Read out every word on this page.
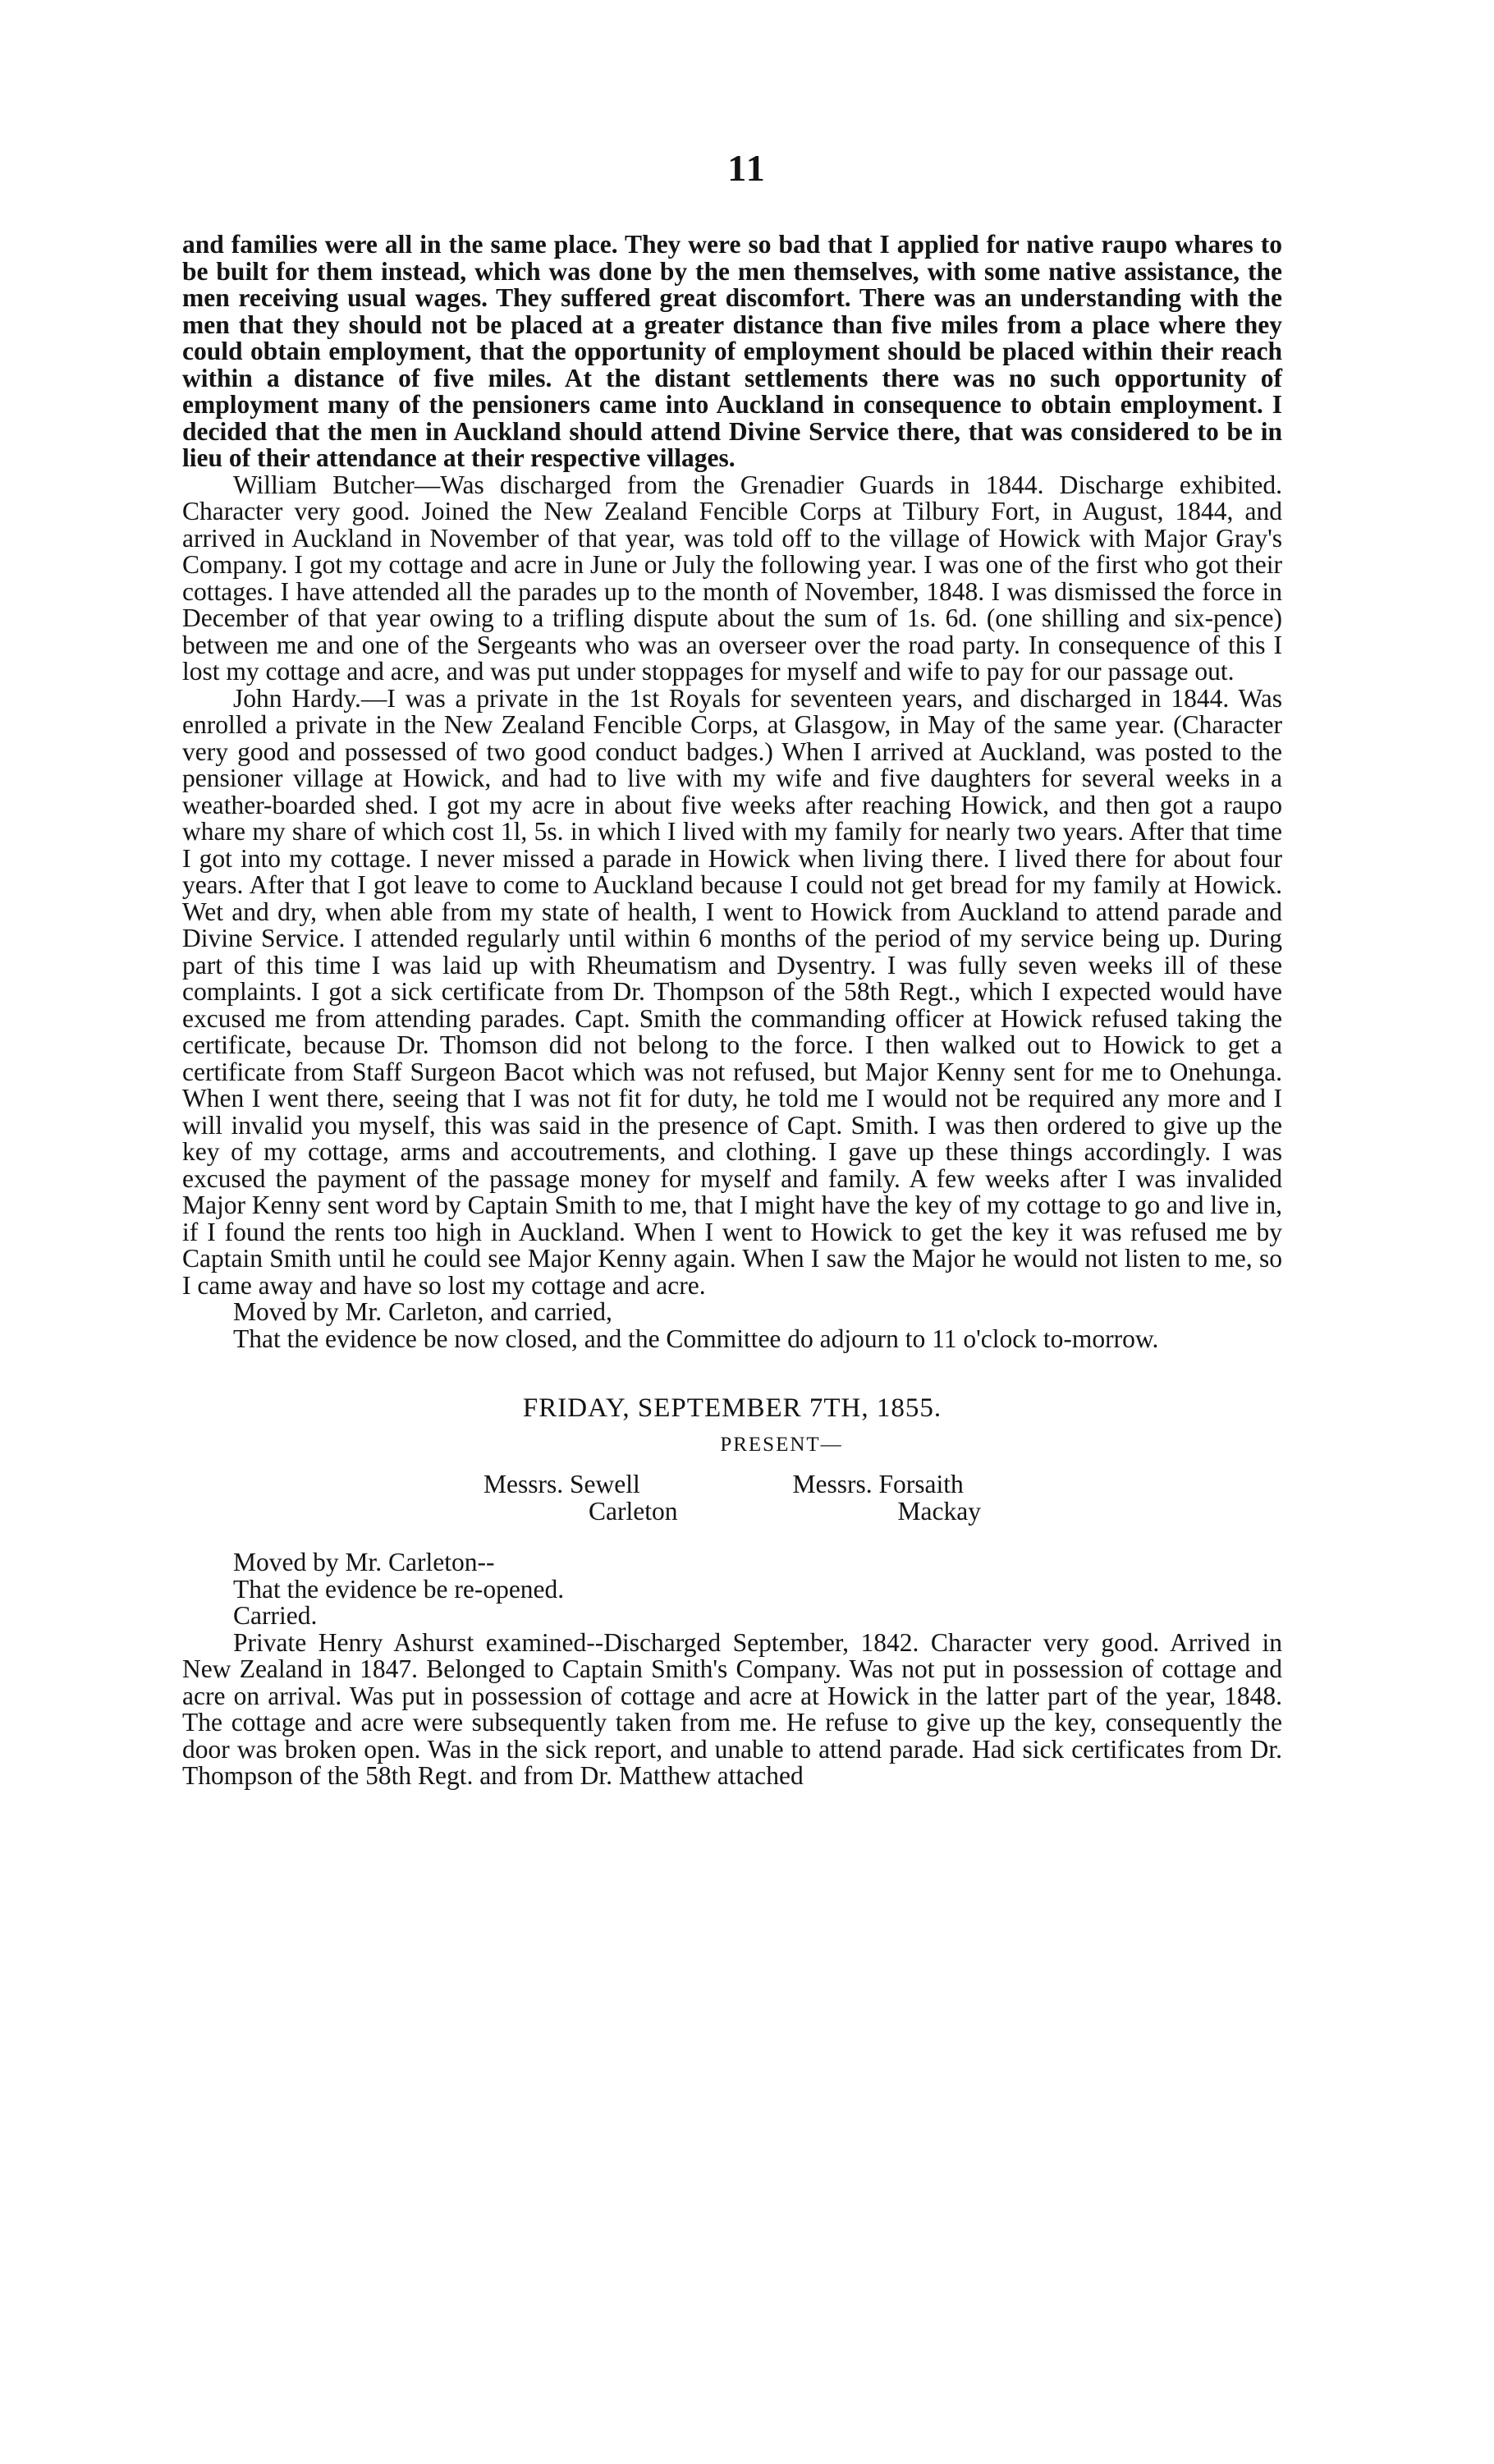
11

and families were all in the same place. They were so bad that I applied for native raupo whares to be built for them instead, which was done by the men themselves, with some native assistance, the men receiving usual wages. They suffered great discomfort. There was an understanding with the men that they should not be placed at a greater distance than five miles from a place where they could obtain employment, that the opportunity of employment should be placed within their reach within a distance of five miles. At the distant settlements there was no such opportunity of employment many of the pensioners came into Auckland in consequence to obtain employment. I decided that the men in Auckland should attend Divine Service there, that was considered to be in lieu of their attendance at their respective villages.

William Butcher—Was discharged from the Grenadier Guards in 1844. Discharge exhibited. Character very good. Joined the New Zealand Fencible Corps at Tilbury Fort, in August, 1844, and arrived in Auckland in November of that year, was told off to the village of Howick with Major Gray's Company. I got my cottage and acre in June or July the following year. I was one of the first who got their cottages. I have attended all the parades up to the month of November, 1848. I was dismissed the force in December of that year owing to a trifling dispute about the sum of 1s. 6d. (one shilling and six-pence) between me and one of the Sergeants who was an overseer over the road party. In consequence of this I lost my cottage and acre, and was put under stoppages for myself and wife to pay for our passage out.

John Hardy.—I was a private in the 1st Royals for seventeen years, and discharged in 1844. Was enrolled a private in the New Zealand Fencible Corps, at Glasgow, in May of the same year. (Character very good and possessed of two good conduct badges.) When I arrived at Auckland, was posted to the pensioner village at Howick, and had to live with my wife and five daughters for several weeks in a weather-boarded shed. I got my acre in about five weeks after reaching Howick, and then got a raupo whare my share of which cost 1l, 5s. in which I lived with my family for nearly two years. After that time I got into my cottage. I never missed a parade in Howick when living there. I lived there for about four years. After that I got leave to come to Auckland because I could not get bread for my family at Howick. Wet and dry, when able from my state of health, I went to Howick from Auckland to attend parade and Divine Service. I attended regularly until within 6 months of the period of my service being up. During part of this time I was laid up with Rheumatism and Dysentry. I was fully seven weeks ill of these complaints. I got a sick certificate from Dr. Thompson of the 58th Regt., which I expected would have excused me from attending parades. Capt. Smith the commanding officer at Howick refused taking the certificate, because Dr. Thomson did not belong to the force. I then walked out to Howick to get a certificate from Staff Surgeon Bacot which was not refused, but Major Kenny sent for me to Onehunga. When I went there, seeing that I was not fit for duty, he told me I would not be required any more and I will invalid you myself, this was said in the presence of Capt. Smith. I was then ordered to give up the key of my cottage, arms and accoutrements, and clothing. I gave up these things accordingly. I was excused the payment of the passage money for myself and family. A few weeks after I was invalided Major Kenny sent word by Captain Smith to me, that I might have the key of my cottage to go and live in, if I found the rents too high in Auckland. When I went to Howick to get the key it was refused me by Captain Smith until he could see Major Kenny again. When I saw the Major he would not listen to me, so I came away and have so lost my cottage and acre.

Moved by Mr. Carleton, and carried,

That the evidence be now closed, and the Committee do adjourn to 11 o'clock to-morrow.

FRIDAY, SEPTEMBER 7TH, 1855.
PRESENT—
Messrs. Sewell
Carleton
Messrs. Forsaith
Mackay

Moved by Mr. Carleton--

That the evidence be re-opened.

Carried.

Private Henry Ashurst examined--Discharged September, 1842. Character very good. Arrived in New Zealand in 1847. Belonged to Captain Smith's Company. Was not put in possession of cottage and acre on arrival. Was put in possession of cottage and acre at Howick in the latter part of the year, 1848. The cottage and acre were subsequently taken from me. He refuse to give up the key, consequently the door was broken open. Was in the sick report, and unable to attend parade. Had sick certificates from Dr. Thompson of the 58th Regt. and from Dr. Matthew attached
